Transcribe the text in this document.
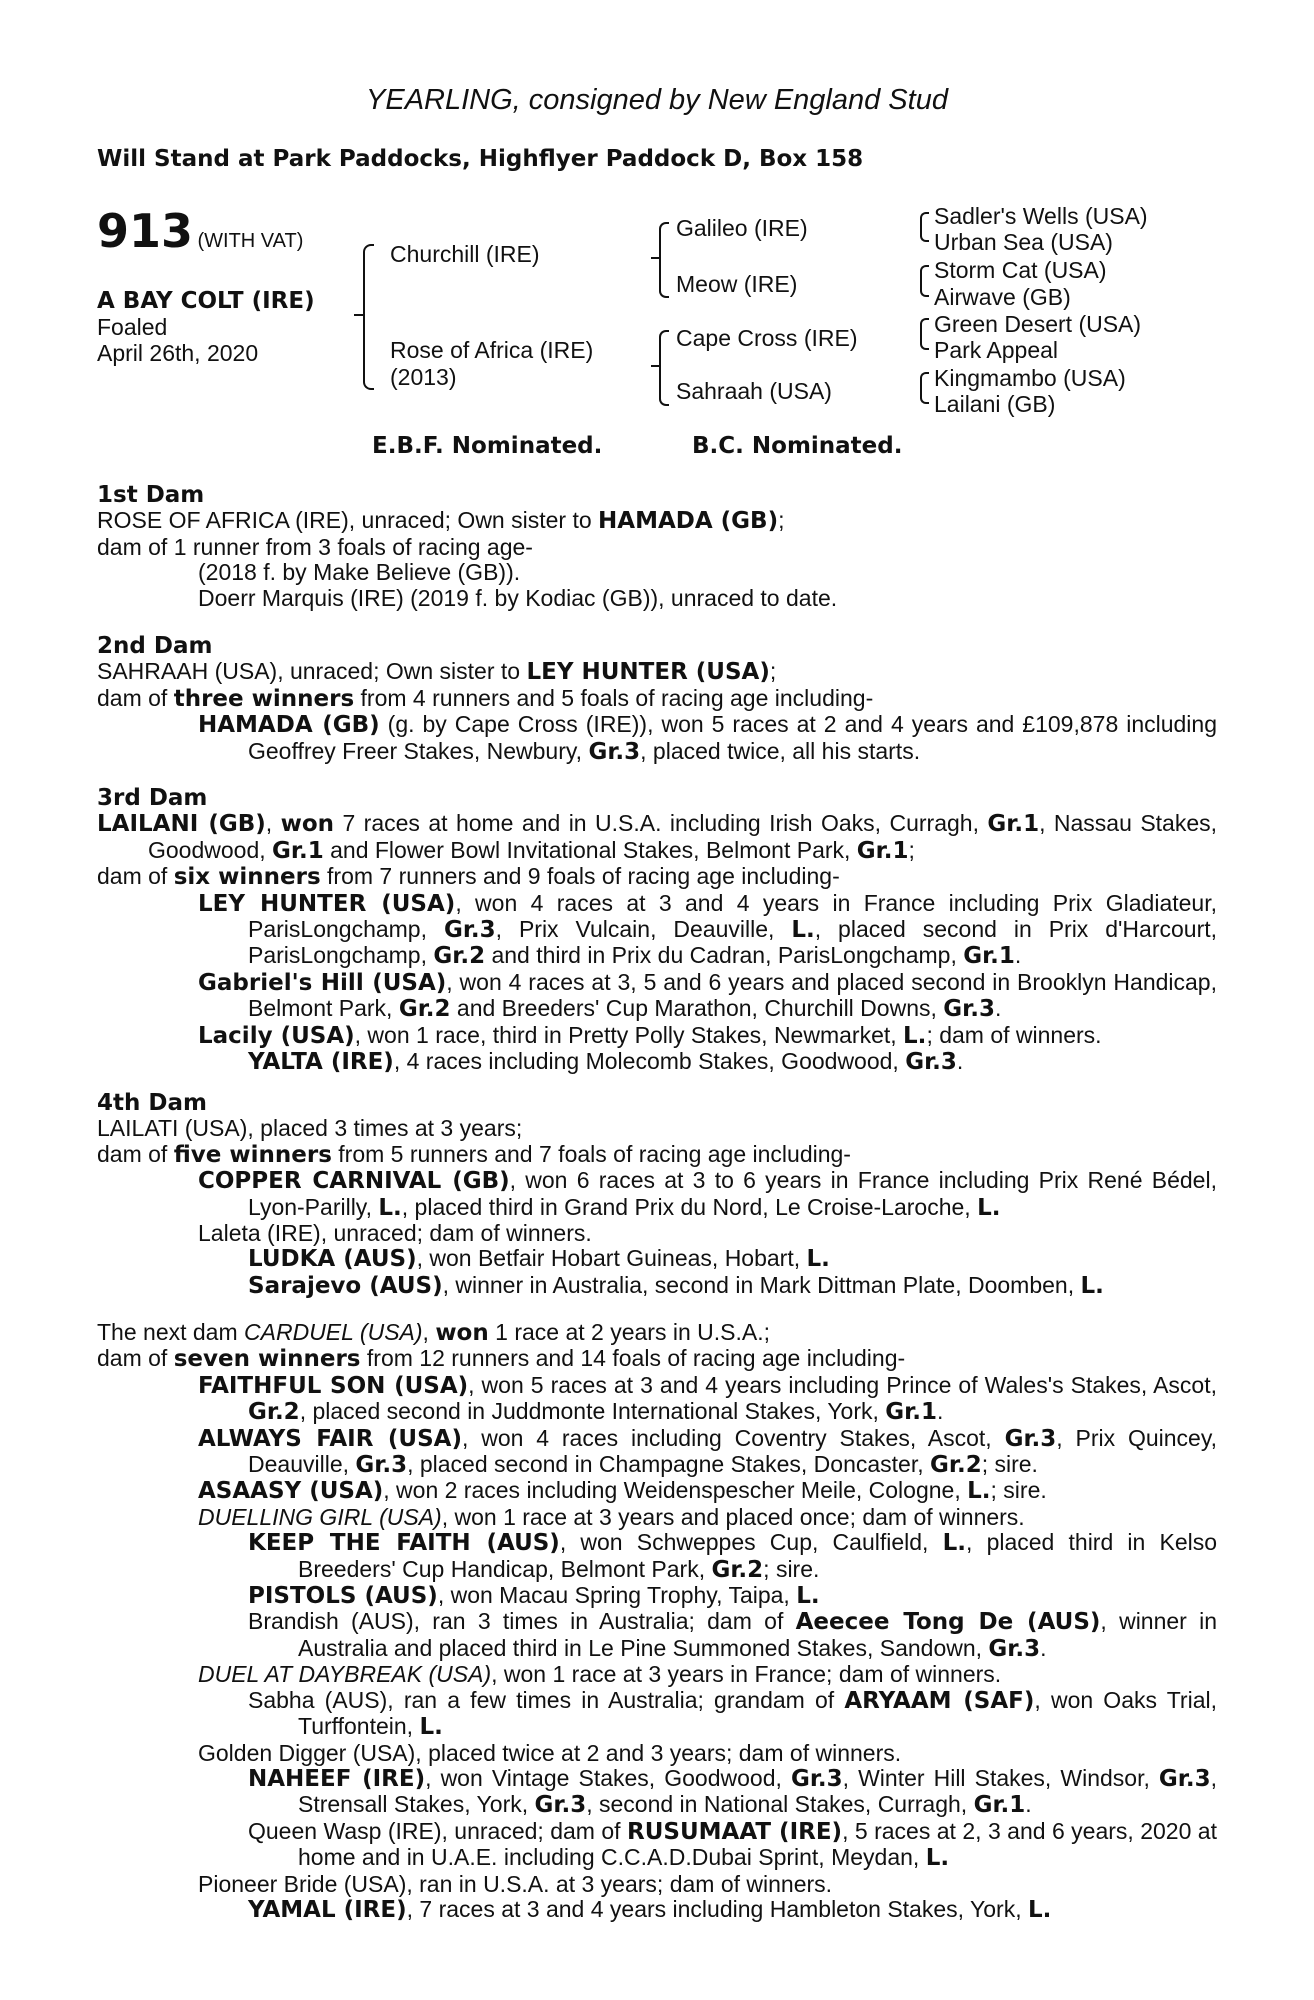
YEARLING, consigned by New England Stud
Will Stand at Park Paddocks, Highflyer Paddock D, Box 158
913 (WITH VAT)
A BAY COLT (IRE)
Foaled
April 26th, 2020
Churchill (IRE)
Rose of Africa (IRE)
(2013)
Galileo (IRE)
Meow (IRE)
Cape Cross (IRE)
Sahraah (USA)
Sadler's Wells (USA)
Urban Sea (USA)
Storm Cat (USA)
Airwave (GB)
Green Desert (USA)
Park Appeal
Kingmambo (USA)
Lailani (GB)
E.B.F. Nominated.	B.C. Nominated.

1st Dam

ROSE OF AFRICA (IRE), unraced; Own sister to HAMADA (GB);

dam of 1 runner from 3 foals of racing age-

(2018 f. by Make Believe (GB)).

Doerr Marquis (IRE) (2019 f. by Kodiac (GB)), unraced to date.

2nd Dam

SAHRAAH (USA), unraced; Own sister to LEY HUNTER (USA);

dam of three winners from 4 runners and 5 foals of racing age including-

HAMADA (GB) (g. by Cape Cross (IRE)), won 5 races at 2 and 4 years and £109,878 including Geoffrey Freer Stakes, Newbury, Gr.3, placed twice, all his starts.

3rd Dam

LAILANI (GB), won 7 races at home and in U.S.A. including Irish Oaks, Curragh, Gr.1, Nassau Stakes, Goodwood, Gr.1 and Flower Bowl Invitational Stakes, Belmont Park, Gr.1;

dam of six winners from 7 runners and 9 foals of racing age including-

LEY HUNTER (USA), won 4 races at 3 and 4 years in France including Prix Gladiateur, ParisLongchamp, Gr.3, Prix Vulcain, Deauville, L., placed second in Prix d'Harcourt, ParisLongchamp, Gr.2 and third in Prix du Cadran, ParisLongchamp, Gr.1.

Gabriel's Hill (USA), won 4 races at 3, 5 and 6 years and placed second in Brooklyn Handicap, Belmont Park, Gr.2 and Breeders' Cup Marathon, Churchill Downs, Gr.3.

Lacily (USA), won 1 race, third in Pretty Polly Stakes, Newmarket, L.; dam of winners.

YALTA (IRE), 4 races including Molecomb Stakes, Goodwood, Gr.3.

4th Dam

LAILATI (USA), placed 3 times at 3 years;

dam of five winners from 5 runners and 7 foals of racing age including-

COPPER CARNIVAL (GB), won 6 races at 3 to 6 years in France including Prix René Bédel, Lyon-Parilly, L., placed third in Grand Prix du Nord, Le Croise-Laroche, L.

Laleta (IRE), unraced; dam of winners.

LUDKA (AUS), won Betfair Hobart Guineas, Hobart, L.

Sarajevo (AUS), winner in Australia, second in Mark Dittman Plate, Doomben, L.

The next dam CARDUEL (USA), won 1 race at 2 years in U.S.A.;

dam of seven winners from 12 runners and 14 foals of racing age including-

FAITHFUL SON (USA), won 5 races at 3 and 4 years including Prince of Wales's Stakes, Ascot, Gr.2, placed second in Juddmonte International Stakes, York, Gr.1.

ALWAYS FAIR (USA), won 4 races including Coventry Stakes, Ascot, Gr.3, Prix Quincey, Deauville, Gr.3, placed second in Champagne Stakes, Doncaster, Gr.2; sire.

ASAASY (USA), won 2 races including Weidenspescher Meile, Cologne, L.; sire.

DUELLING GIRL (USA), won 1 race at 3 years and placed once; dam of winners.

KEEP THE FAITH (AUS), won Schweppes Cup, Caulfield, L., placed third in Kelso Breeders' Cup Handicap, Belmont Park, Gr.2; sire.

PISTOLS (AUS), won Macau Spring Trophy, Taipa, L.

Brandish (AUS), ran 3 times in Australia; dam of Aeecee Tong De (AUS), winner in Australia and placed third in Le Pine Summoned Stakes, Sandown, Gr.3.

DUEL AT DAYBREAK (USA), won 1 race at 3 years in France; dam of winners.

Sabha (AUS), ran a few times in Australia; grandam of ARYAAM (SAF), won Oaks Trial, Turffontein, L.

Golden Digger (USA), placed twice at 2 and 3 years; dam of winners.

NAHEEF (IRE), won Vintage Stakes, Goodwood, Gr.3, Winter Hill Stakes, Windsor, Gr.3, Strensall Stakes, York, Gr.3, second in National Stakes, Curragh, Gr.1.

Queen Wasp (IRE), unraced; dam of RUSUMAAT (IRE), 5 races at 2, 3 and 6 years, 2020 at home and in U.A.E. including C.C.A.D.Dubai Sprint, Meydan, L.

Pioneer Bride (USA), ran in U.S.A. at 3 years; dam of winners.

YAMAL (IRE), 7 races at 3 and 4 years including Hambleton Stakes, York, L.
